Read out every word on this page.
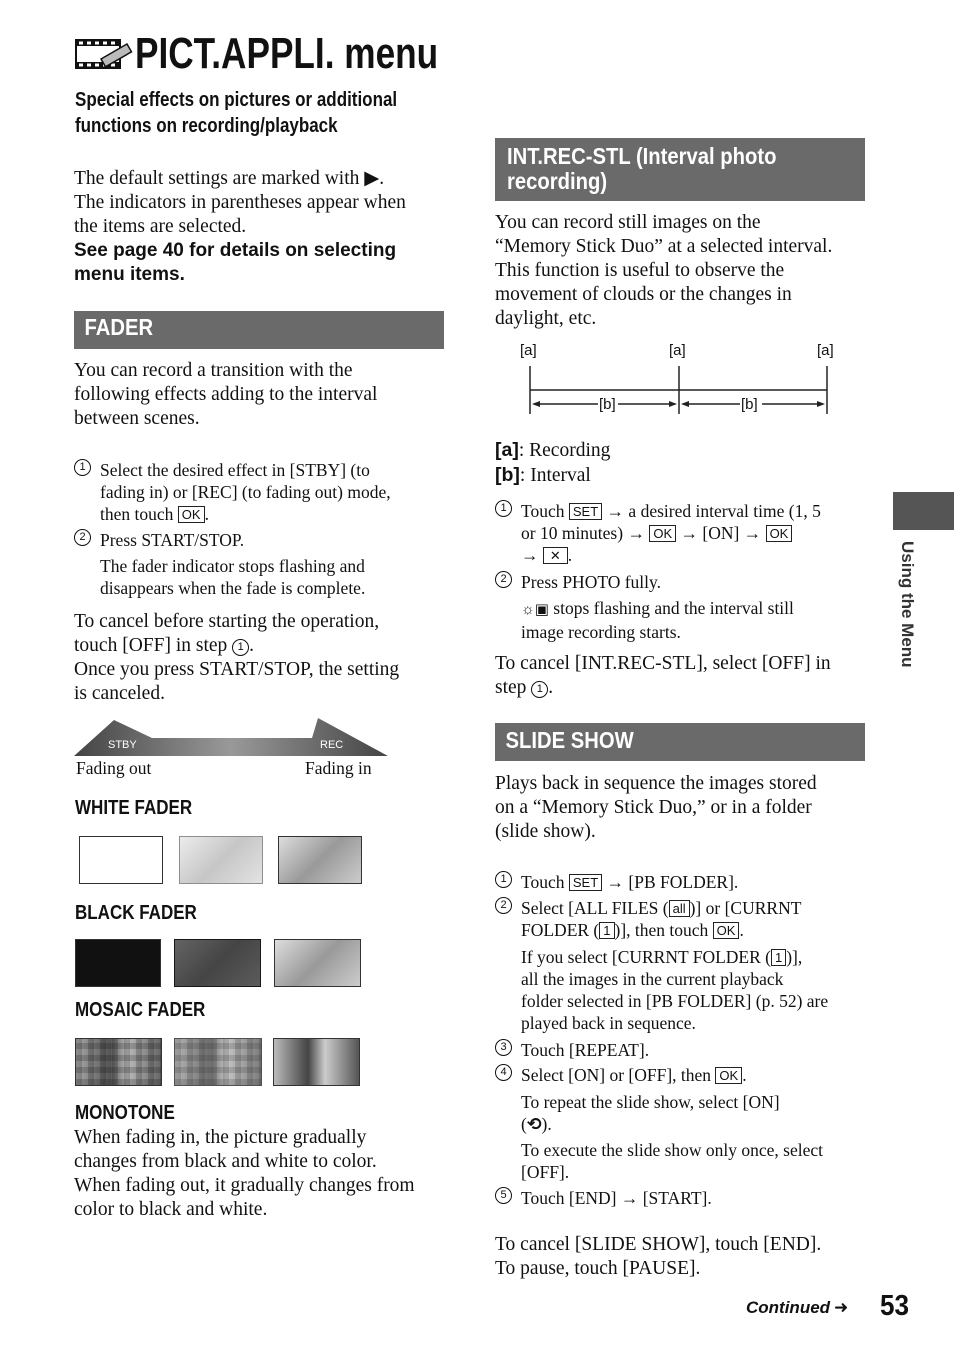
PICT.APPLI. menu
Special effects on pictures or additional
functions on recording/playback
The default settings are marked with ▶.
The indicators in parentheses appear when
the items are selected.
See page 40 for details on selecting
menu items.
FADER
You can record a transition with the
following effects adding to the interval
between scenes.
1 Select the desired effect in [STBY] (to
fading in) or [REC] (to fading out) mode,
then touch OK .
2 Press START/STOP.
The fader indicator stops flashing and
disappears when the fade is complete.
To cancel before starting the operation,
touch [OFF] in step 1 .
Once you press START/STOP, the setting
is canceled.
STBY	REC
Fading out	Fading in
WHITE FADER
BLACK FADER
MOSAIC FADER
MONOTONE
When fading in, the picture gradually
changes from black and white to color.
When fading out, it gradually changes from
color to black and white.
INT.REC-STL (Interval photo
recording)
You can record still images on the
“Memory Stick Duo” at a selected interval.
This function is useful to observe the
movement of clouds or the changes in
daylight, etc.
[a]	[a]	[a]
[b]	[b]
[a]: Recording
[b]: Interval
1 Touch SET → a desired interval time (1, 5
or 10 minutes) → OK → [ON] → OK
→ ✕ .
2 Press PHOTO fully.
☼▣ stops flashing and the interval still
image recording starts.
To cancel [INT.REC-STL], select [OFF] in
step 1 .
SLIDE SHOW
Plays back in sequence the images stored
on a “Memory Stick Duo,” or in a folder
(slide show).
1 Touch SET → [PB FOLDER].
2 Select [ALL FILES ( all )] or [CURRNT
FOLDER ( 1 )], then touch OK .
If you select [CURRNT FOLDER ( 1 )],
all the images in the current playback
folder selected in [PB FOLDER] (p. 52) are
played back in sequence.
3 Touch [REPEAT].
4 Select [ON] or [OFF], then OK .
To repeat the slide show, select [ON]
(⟲).
To execute the slide show only once, select
[OFF].
5 Touch [END] → [START].
To cancel [SLIDE SHOW], touch [END].
To pause, touch [PAUSE].
Using the Menu
Continued ➜ 53
